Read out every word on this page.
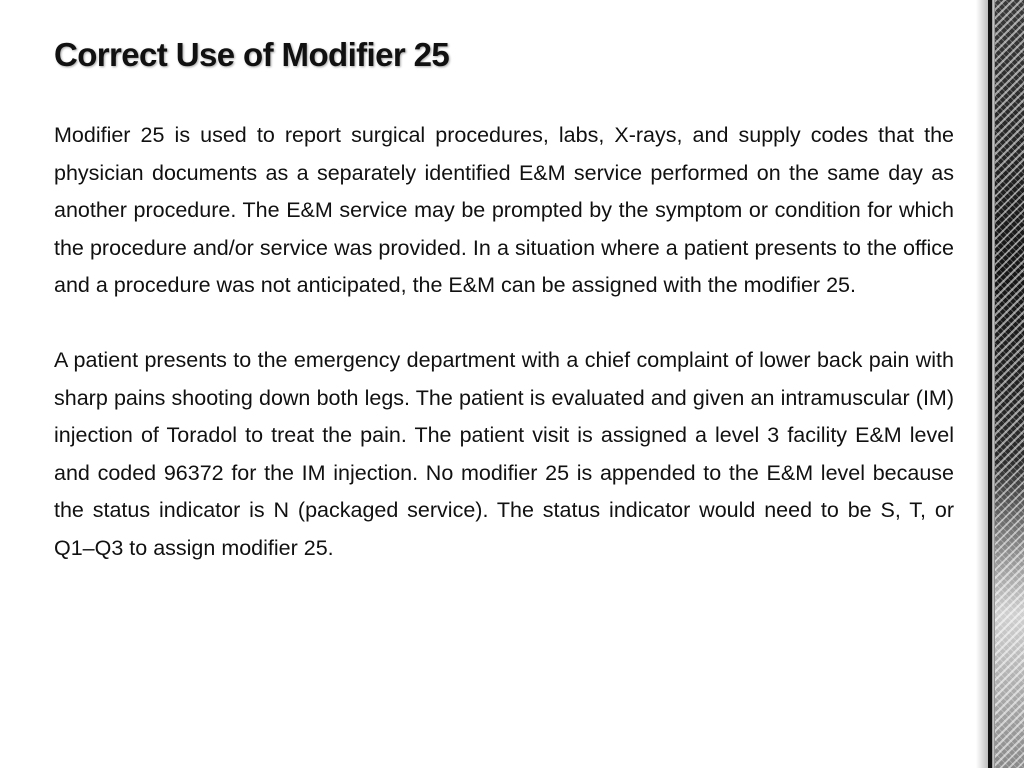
Correct Use of Modifier 25

Modifier 25 is used to report surgical procedures, labs, X-rays, and supply codes that the physician documents as a separately identified E&M service performed on the same day as another procedure. The E&M service may be prompted by the symptom or condition for which the procedure and/or service was provided. In a situation where a patient presents to the office and a procedure was not anticipated, the E&M can be assigned with the modifier 25.

A patient presents to the emergency department with a chief complaint of lower back pain with sharp pains shooting down both legs. The patient is evaluated and given an intramuscular (IM) injection of Toradol to treat the pain. The patient visit is assigned a level 3 facility E&M level and coded 96372 for the IM injection. No modifier 25 is appended to the E&M level because the status indicator is N (packaged service). The status indicator would need to be S, T, or Q1–Q3 to assign modifier 25.
